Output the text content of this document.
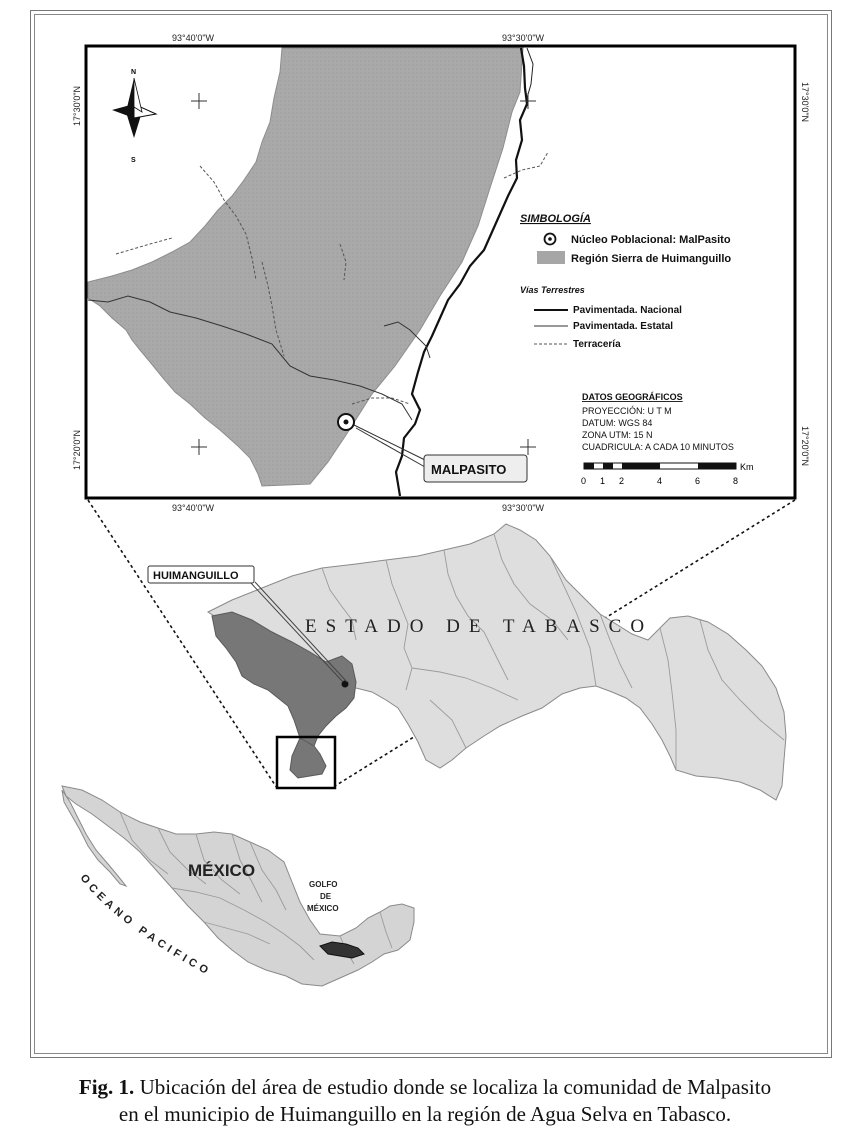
93°40'0"W	93°30'0"W
93°40'0"W	93°30'0"W
17°30'0"N
17°20'0"N
17°30'0"N
17°20'0"N
N
S
SIMBOLOGÍA
Núcleo Poblacional: MalPasito
Región Sierra de Huimanguillo
Vías Terrestres
Pavimentada. Nacional
Pavimentada. Estatal
Terracería
DATOS GEOGRÁFICOS
PROYECCIÓN: U T M
DATUM: WGS 84
ZONA UTM: 15 N
CUADRICULA: A CADA 10 MINUTOS
Km
0 1 2	4	6	8
MALPASITO
HUIMANGUILLO
ESTADO DE TABASCO
MÉXICO
GOLFO
DE
MÉXICO
OCEANO PACIFICO
Fig. 1. Ubicación del área de estudio donde se localiza la comunidad de Malpasito
en el municipio de Huimanguillo en la región de Agua Selva en Tabasco.
